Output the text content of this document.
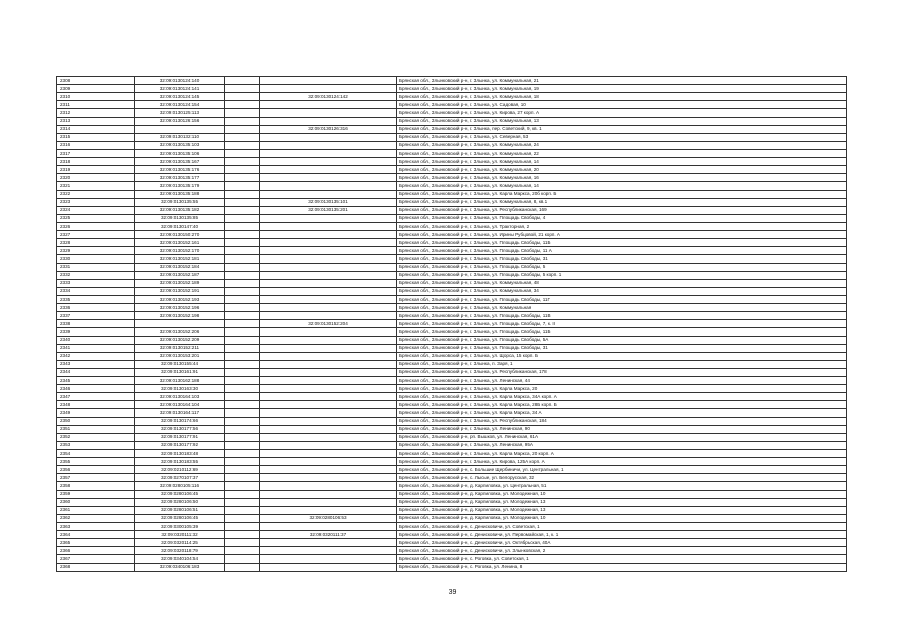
2308	32:09:0130124:140			Брянская обл., Злынковский р-н, г. Злынка, ул. Коммунальная, 21
2309	32:09:0130124:141			Брянская обл., Злынковский р-н, г. Злынка, ул. Коммунальная, 19
2310	32:09:0130124:145		32:09:0130124:142	Брянская обл., Злынковский р-н, г. Злынка, ул. Коммунальная, 18
2311	32:09:0130124:154			Брянская обл., Злынковский р-н, г. Злынка, ул. Садовая, 10
2312	32:09:0130125:113			Брянская обл., Злынковский р-н, г. Злынка, ул. Кирова, 27 корп. А
2313	32:09:0130126:156			Брянская обл., Злынковский р-н, г. Злынка, ул. Коммунальная, 13
2314			32:09:0130126:316	Брянская обл., Злынковский р-н, г. Злынка, пер. Советский, 9, кв. 1
2315	32:09:0130132:110			Брянская обл., Злынковский р-н, г. Злынка, ул. Северная, 53
2316	32:09:0130135:103			Брянская обл., Злынковский р-н, г. Злынка, ул. Коммунальная, 24
2317	32:09:0130135:106			Брянская обл., Злынковский р-н, г. Злынка, ул. Коммунальная, 22
2318	32:09:0130135:167			Брянская обл., Злынковский р-н, г. Злынка, ул. Коммунальная, 14
2319	32:09:0130135:176			Брянская обл., Злынковский р-н, г. Злынка, ул. Коммунальная, 20
2320	32:09:0130135:177			Брянская обл., Злынковский р-н, г. Злынка, ул. Коммунальная, 16
2321	32:09:0130135:179			Брянская обл., Злынковский р-н, г. Злынка, ул. Коммунальная, 14
2322	32:09:0130135:188			Брянская обл., Злынковский р-н, г. Злынка, ул. Карла Маркса, 20б корп. Б
2323	32:09:0130135:55		32:09:0130135:101	Брянская обл., Злынковский р-н, г. Злынка, ул. Коммунальная, 8, кв.1
2324	32:09:0130135:182		32:09:0130135:201	Брянская обл., Злынковский р-н, г. Злынка, ул. Республиканская, 169
2325	32:09:0130135:85			Брянская обл., Злынковский р-н, г. Злынка, ул. Площадь Свободы, 4
2326	32:09:0130147:40			Брянская обл., Злынковский р-н, г. Злынка, ул. Тракторная, 2
2327	32:09:0130150:270			Брянская обл., Злынковский р-н, г. Злынка, ул. Ирины Рубцовой, 21 корп. А
2328	32:09:0130152:161			Брянская обл., Злынковский р-н, г. Злынка, ул. Площадь Свободы, 11Б
2329	32:09:0130152:170			Брянская обл., Злынковский р-н, г. Злынка, ул. Площадь Свободы, 11 А
2330	32:09:0130152:181			Брянская обл., Злынковский р-н, г. Злынка, ул. Площадь Свободы, 31
2331	32:09:0130152:184			Брянская обл., Злынковский р-н, г. Злынка, ул. Площадь Свободы, 5
2332	32:09:0130152:187			Брянская обл., Злынковский р-н, г. Злынка, ул. Площадь Свободы, 5 корп. 1
2333	32:09:0130152:189			Брянская обл., Злынковский р-н, г. Злынка, ул. Коммунальная, 48
2334	32:09:0130152:191			Брянская обл., Злынковский р-н, г. Злынка, ул. Коммунальная, 34
2335	32:09:0130152:193			Брянская обл., Злынковский р-н, г. Злынка, ул. Площадь Свободы, 11Г
2336	32:09:0130152:196			Брянская обл., Злынковский р-н, г. Злынка, ул. Коммунальная
2337	32:09:0130152:198			Брянская обл., Злынковский р-н, г. Злынка, ул. Площадь Свободы, 11В
2338			32:09:0130152:204	Брянская обл., Злынковский р-н, г. Злынка, ул. Площадь Свободы, 7, к. II
2339	32:09:0130152:206			Брянская обл., Злынковский р-н, г. Злынка, ул. Площадь Свободы, 11Б
2340	32:09:0130152:209			Брянская обл., Злынковский р-н, г. Злынка, ул. Площадь Свободы, 5А
2341	32:09:0130152:211			Брянская обл., Злынковский р-н, г. Злынка, ул. Площадь Свободы, 31
2342	32:09:0130153:201			Брянская обл., Злынковский р-н, г. Злынка, ул. Щорса, 15 корп. Б
2343	32:09:0130155:44			Брянская обл., Злынковский р-н, г. Злынка, п. Заря, 1
2344	32:09:0130161:91			Брянская обл., Злынковский р-н, г. Злынка, ул. Республиканская, 178
2345	32:09:0130162:188			Брянская обл., Злынковский р-н, г. Злынка, ул. Ленинская, 44
2346	32:09:0130163:30			Брянская обл., Злынковский р-н, г. Злынка, ул. Карла Маркса, 20
2347	32:09:0130164:103			Брянская обл., Злынковский р-н, г. Злынка, ул. Карла Маркса, 34А корп. А
2348	32:09:0130164:104			Брянская обл., Злынковский р-н, г. Злынка, ул. Карла Маркса, 28Б корп. Б
2349	32:09:0130164:117			Брянская обл., Злынковский р-н, г. Злынка, ул. Карла Маркса, 34 А
2350	32:09:0130174:66			Брянская обл., Злынковский р-н, г. Злынка, ул. Республиканская, 184
2351	32:09:0130177:56			Брянская обл., Злынковский р-н, г. Злынка, ул. Ленинская, 90
2352	32:09:0130177:91			Брянская обл., Злынковский р-н, рп. Вышков, ул. Ленинская, 61А
2353	32:09:0130177:92			Брянская обл., Злынковский р-н, г. Злынка, ул. Ленинская, 95А
2354	32:09:0130183:48			Брянская обл., Злынковский р-н, г. Злынка, ул. Карла Маркса, 20 корп. А
2355	32:09:0130183:55			Брянская обл., Злынковский р-н, г. Злынка, ул. Кирова, 125А корп. А
2356	32:09:0210112:69			Брянская обл., Злынковский р-н, с. Большие Щербиничи, ул. Центральная, 1
2357	32:09:0270107:37			Брянская обл., Злынковский р-н, с. Лысые, ул. Белорусская, 32
2358	32:09:0280105:116			Брянская обл., Злынковский р-н, д. Карпиловка, ул. Центральная, 51
2359	32:09:0280106:45			Брянская обл., Злынковский р-н, д. Карпиловка, ул. Молодежная, 10
2360	32:09:0280106:50			Брянская обл., Злынковский р-н, д. Карпиловка, ул. Молодежная, 13
2361	32:09:0280106:51			Брянская обл., Злынковский р-н, д. Карпиловка, ул. Молодежная, 13
2362	32:09:0280106:45		32:09:0280106:53	Брянская обл., Злынковский р-н, д. Карпиловка, ул. Молодежная, 10
2363	32:09:0300105:39			Брянская обл., Злынковский р-н, с. Денисковичи, ул. Советская, 1
2364	32:09:0320111:32		32:09:0320111:37	Брянская обл., Злынковский р-н, с. Денисковичи, ул. Первомайская, 1, к. 1
2365	32:09:0320114:25			Брянская обл., Злынковский р-н, с. Денисковичи, ул. Октябрьская, 40А
2366	32:09:0320118:79			Брянская обл., Злынковский р-н, с. Денисковичи, ул. Злынковская, 2
2367	32:09:0340104:54			Брянская обл., Злынковский р-н, с. Роговка, ул. Советская, 1
2368	32:09:0340106:183			Брянская обл., Злынковский р-н, с. Роговка, ул. Ленина, 8
39
